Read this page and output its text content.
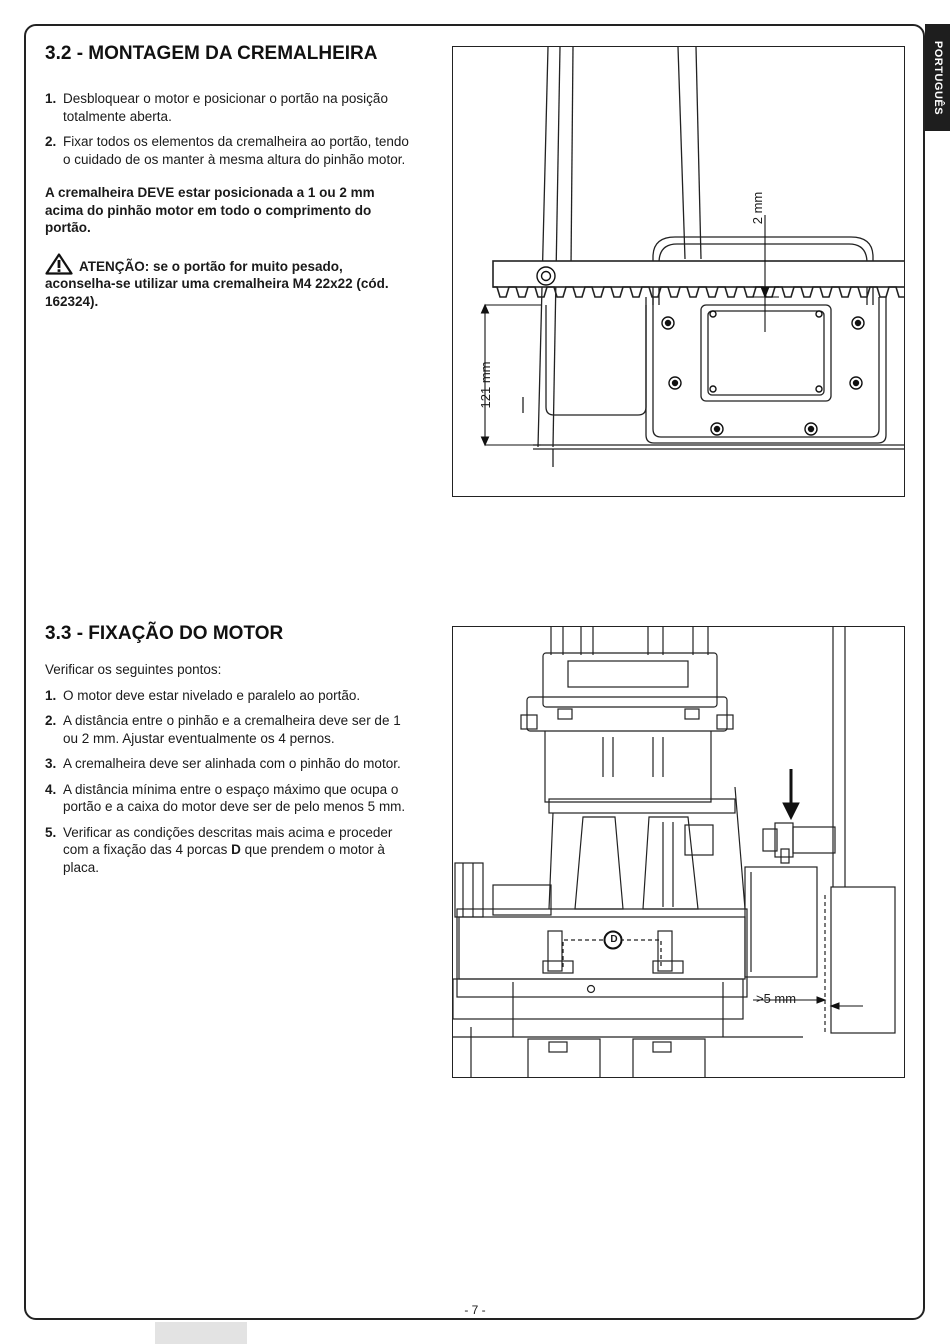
PORTUGUÊS
3.2 - MONTAGEM DA CREMALHEIRA
1. Desbloquear o motor e posicionar o portão na posição totalmente aberta.
2. Fixar todos os elementos da cremalheira ao portão, tendo o cuidado de os manter à mesma altura do pinhão motor.

A cremalheira DEVE estar posicionada a 1 ou 2 mm acima do pinhão motor em todo o comprimento do portão.

ATENÇÃO: se o portão for muito pesado, aconselha-se utilizar uma cremalheira M4 22x22 (cód. 162324).

121 mm
2 mm
3.3 - FIXAÇÃO DO MOTOR

Verificar os seguintes pontos:

1. O motor deve estar nivelado e paralelo ao portão.
2. A distância entre o pinhão e a cremalheira deve ser de 1 ou 2 mm. Ajustar eventualmente os 4 pernos.
3. A cremalheira deve ser alinhada com o pinhão do motor.
4. A distância mínima entre o espaço máximo que ocupa o portão e a caixa do motor deve ser de pelo menos 5 mm.
5. Verificar as condições descritas mais acima e proceder com a fixação das 4 porcas D que prendem o motor à placa.
D
>5 mm
- 7 -
